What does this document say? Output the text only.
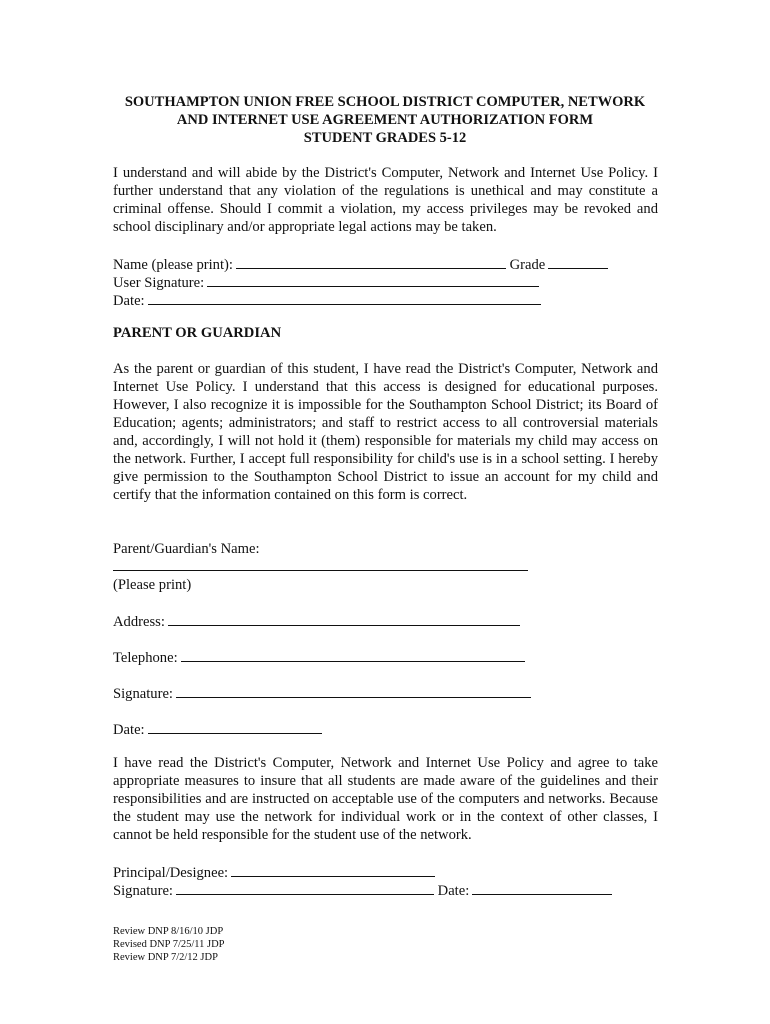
SOUTHAMPTON UNION FREE SCHOOL DISTRICT COMPUTER, NETWORK
AND INTERNET USE AGREEMENT AUTHORIZATION FORM
STUDENT GRADES 5-12
I understand and will abide by the District's Computer, Network and Internet Use Policy. I further understand that any violation of the regulations is unethical and may constitute a criminal offense. Should I commit a violation, my access privileges may be revoked and school disciplinary and/or appropriate legal actions may be taken.
Name (please print):	Grade
User Signature:
Date:
PARENT OR GUARDIAN
As the parent or guardian of this student, I have read the District's Computer, Network and Internet Use Policy. I understand that this access is designed for educational purposes. However, I also recognize it is impossible for the Southampton School District; its Board of Education; agents; administrators; and staff to restrict access to all controversial materials and, accordingly, I will not hold it (them) responsible for materials my child may access on the network. Further, I accept full responsibility for child's use is in a school setting. I hereby give permission to the Southampton School District to issue an account for my child and certify that the information contained on this form is correct.
Parent/Guardian's Name:
(Please print)
Address:
Telephone:
Signature:
Date:
I have read the District's Computer, Network and Internet Use Policy and agree to take appropriate measures to insure that all students are made aware of the guidelines and their responsibilities and are instructed on acceptable use of the computers and networks. Because the student may use the network for individual work or in the context of other classes, I cannot be held responsible for the student use of the network.
Principal/Designee:
Signature:	Date:
Review DNP 8/16/10 JDP
Revised DNP 7/25/11 JDP
Review DNP 7/2/12 JDP
